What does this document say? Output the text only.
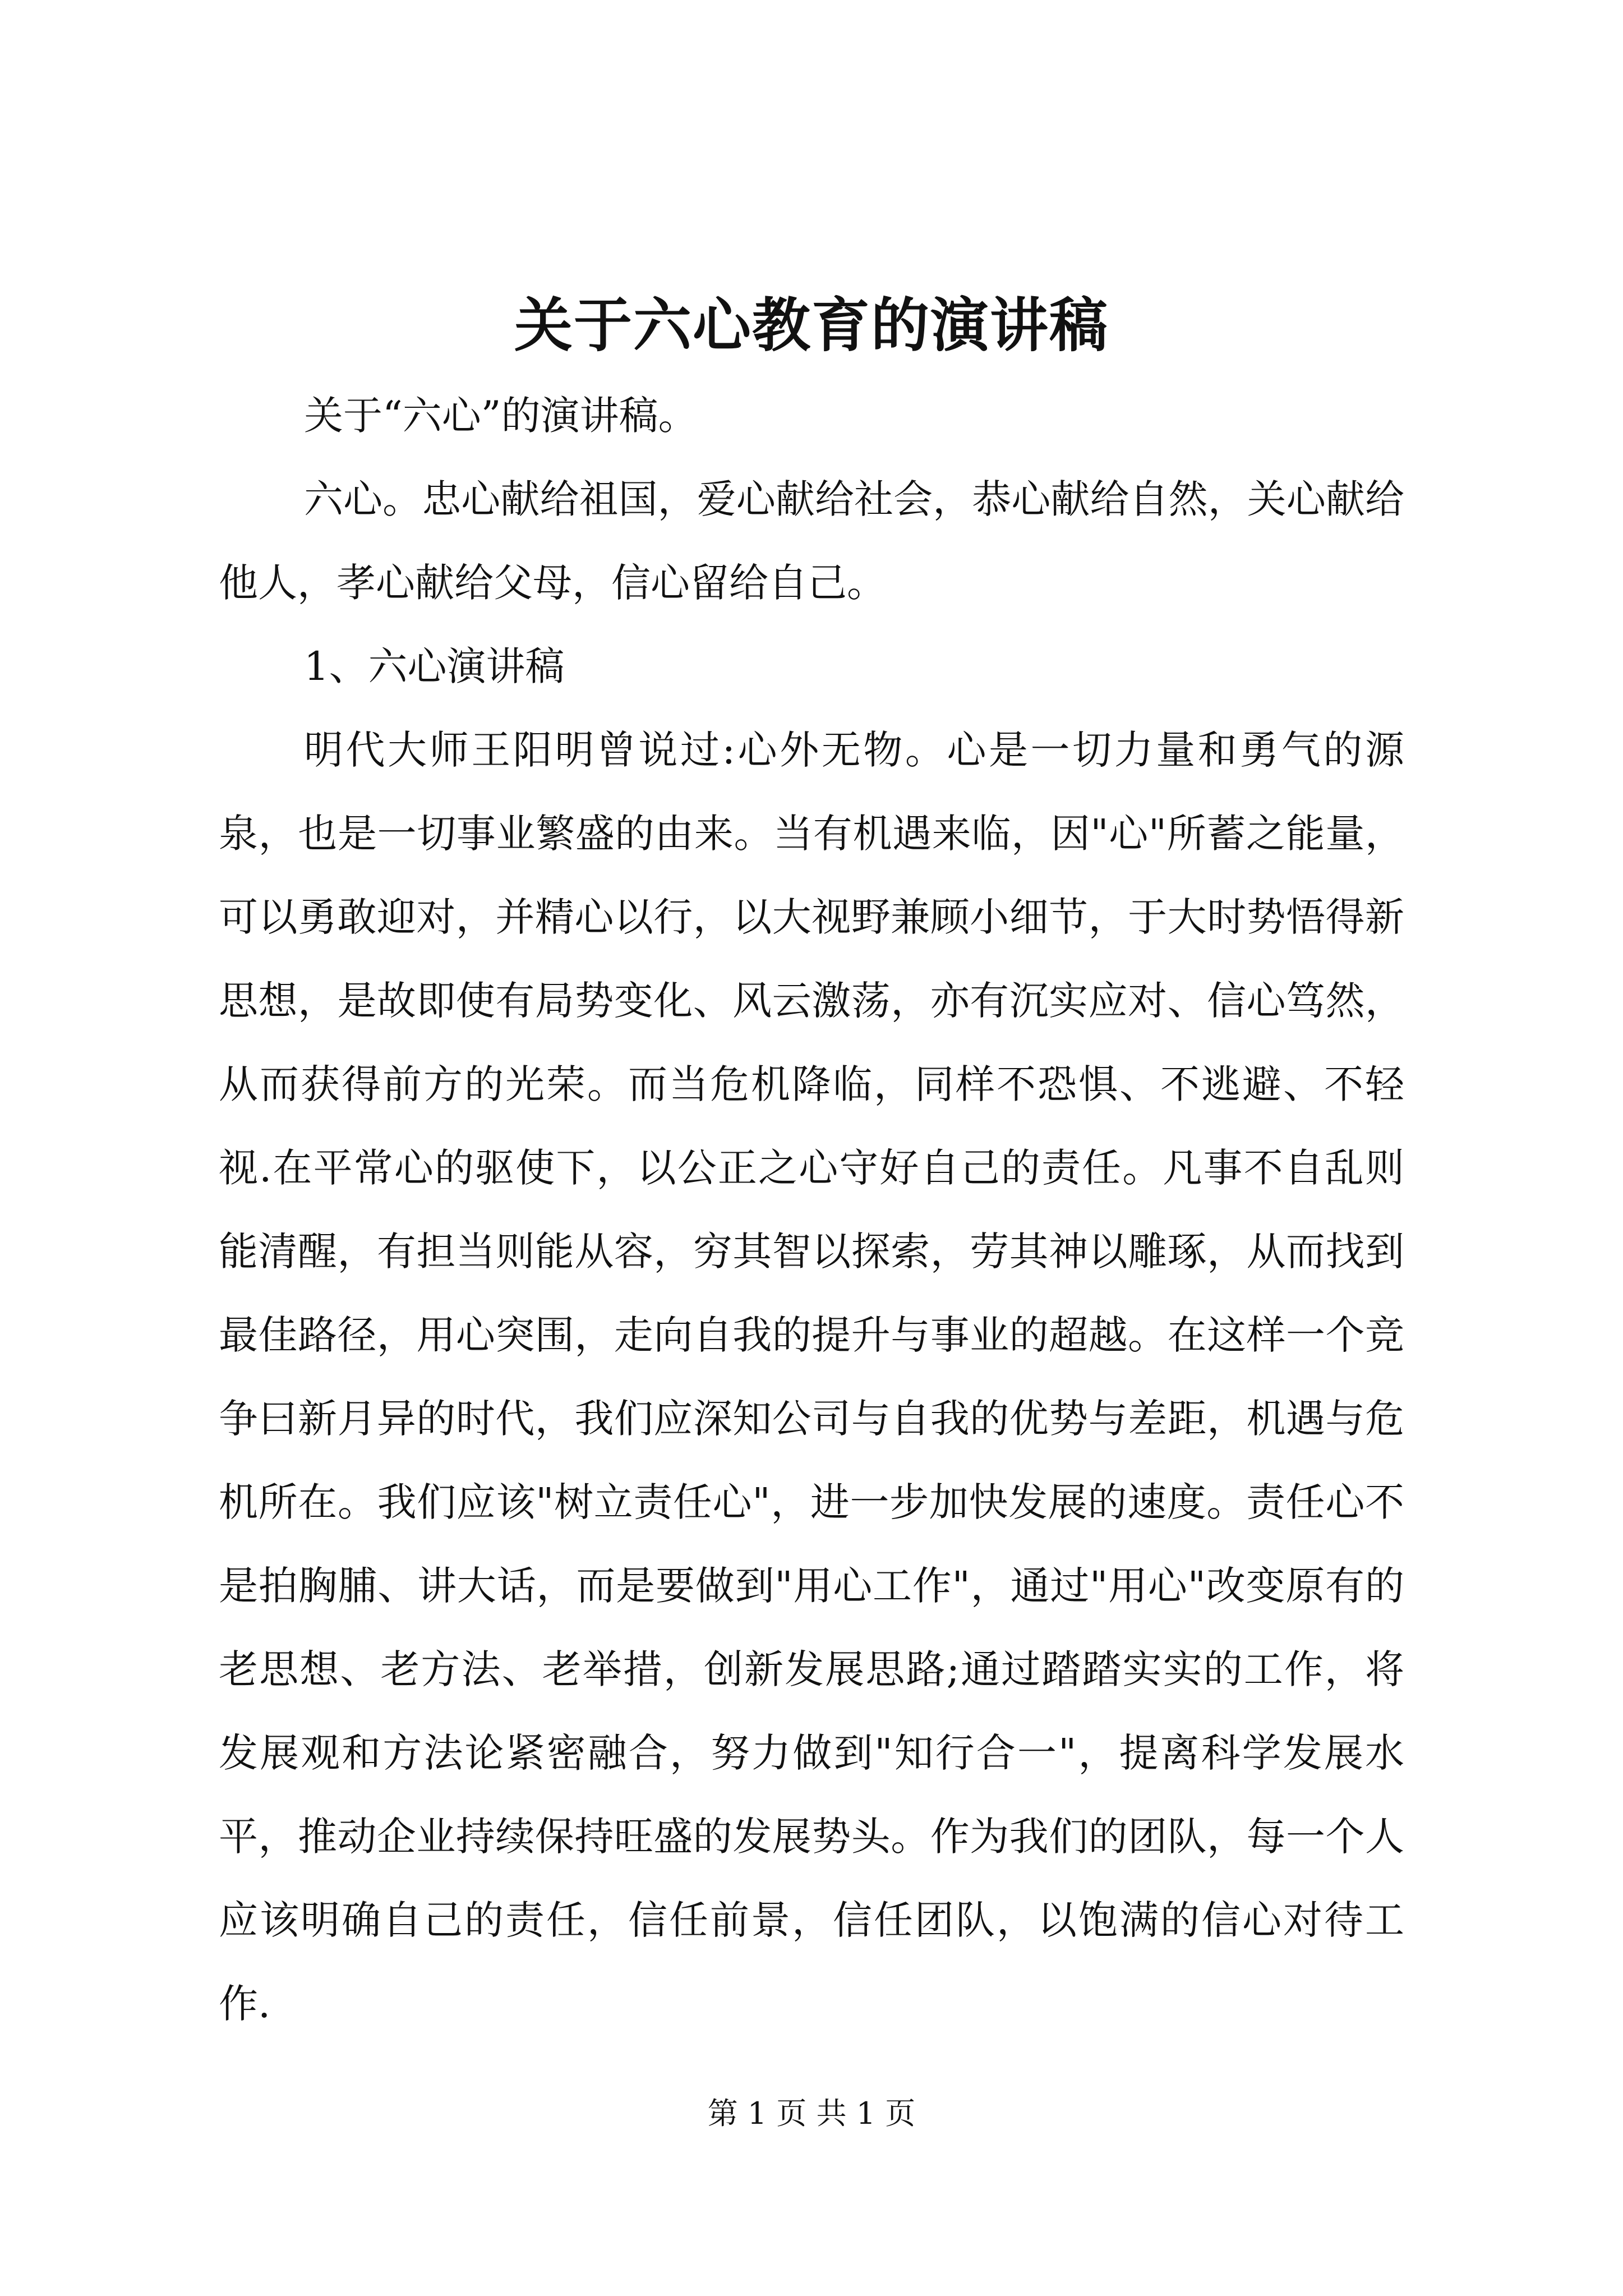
关于六心教育的演讲稿

关于“六心”的演讲稿。

六心。忠心献给祖国，爱心献给社会，恭心献给自然，关心献给他人，孝心献给父母，信心留给自己。

1、六心演讲稿

明代大师王阳明曾说过:心外无物。心是一切力量和勇气的源泉，也是一切事业繁盛的由来。当有机遇来临，因"心"所蓄之能量，可以勇敢迎对，并精心以行，以大视野兼顾小细节，于大时势悟得新思想，是故即使有局势变化、风云激荡，亦有沉实应对、信心笃然，从而获得前方的光荣。而当危机降临，同样不恐惧、不逃避、不轻视.在平常心的驱使下，以公正之心守好自己的责任。凡事不自乱则能清醒，有担当则能从容，穷其智以探索，劳其神以雕琢，从而找到最佳路径，用心突围，走向自我的提升与事业的超越。在这样一个竞争曰新月异的时代，我们应深知公司与自我的优势与差距，机遇与危机所在。我们应该"树立责任心"，进一步加快发展的速度。责任心不是拍胸脯、讲大话，而是要做到"用心工作"，通过"用心"改变原有的老思想、老方法、老举措，创新发展思路;通过踏踏实实的工作，将发展观和方法论紧密融合，努力做到"知行合一"，提离科学发展水平，推动企业持续保持旺盛的发展势头。作为我们的团队，每一个人应该明确自己的责任，信任前景，信任团队，以饱满的信心对待工作.

第 1 页 共 1 页
